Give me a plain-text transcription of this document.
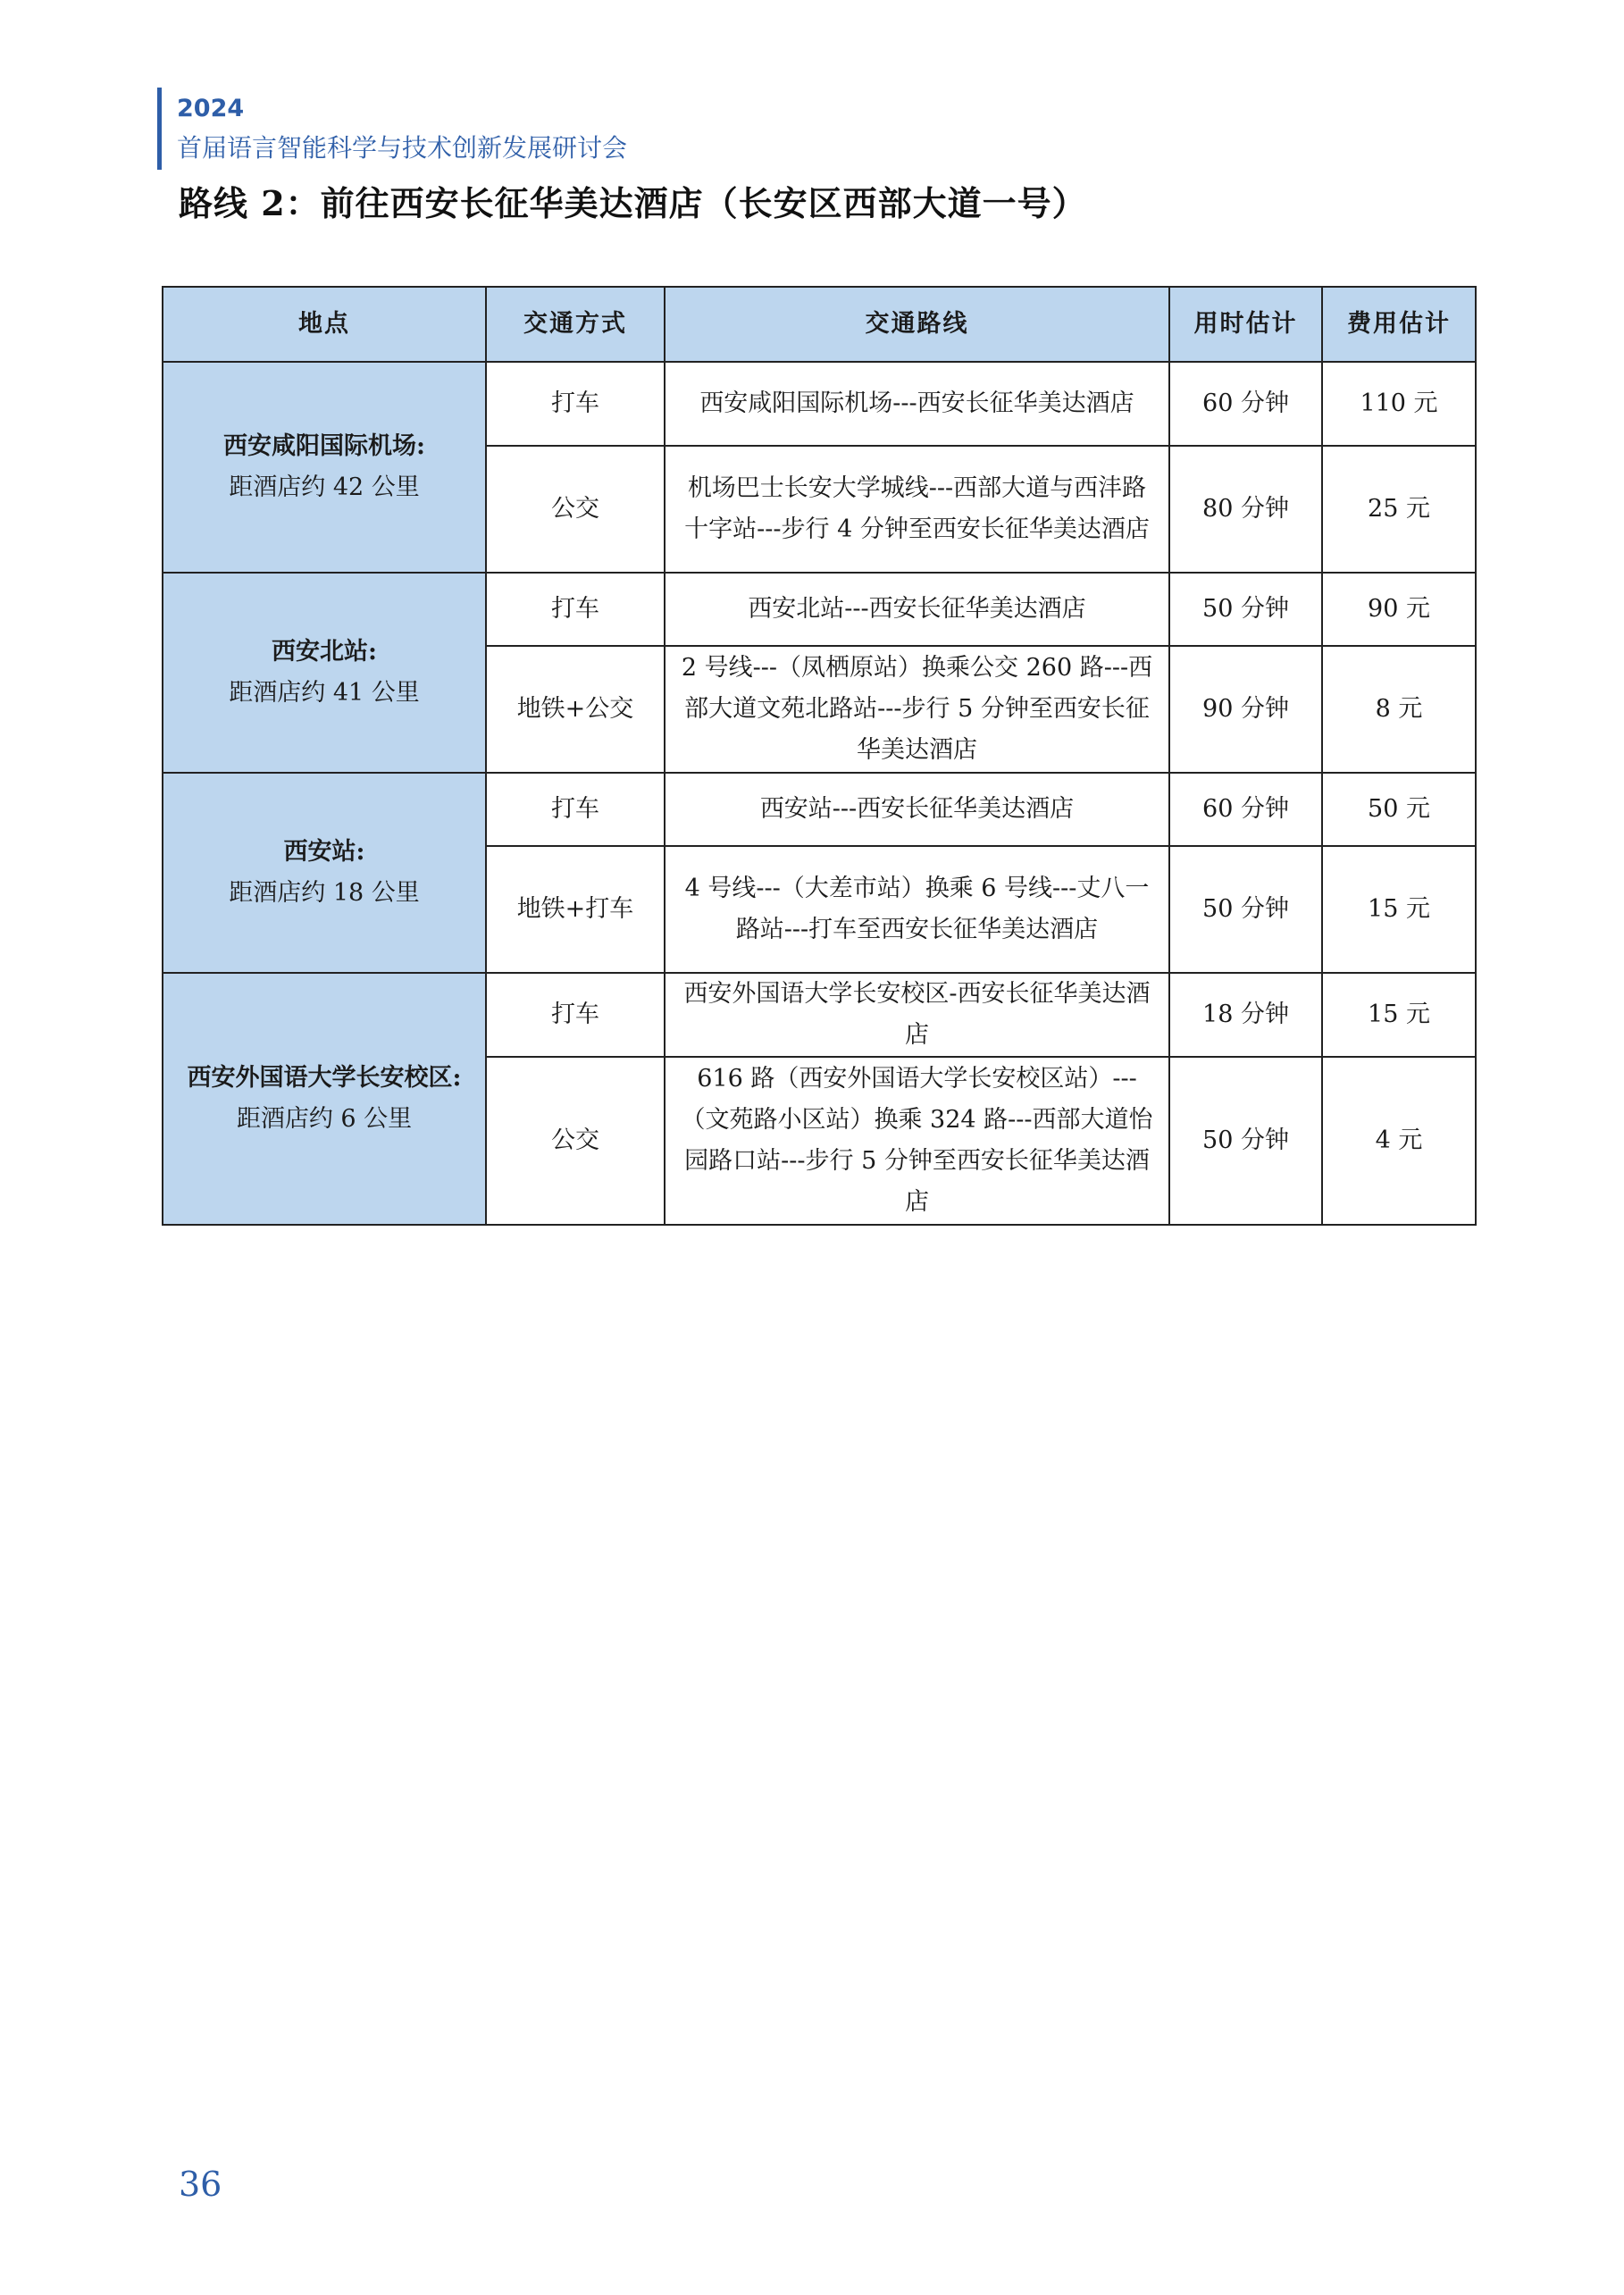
2024
首届语言智能科学与技术创新发展研讨会
路线 2：前往西安长征华美达酒店（长安区西部大道一号）
地点	交通方式	交通路线	用时估计	费用估计

西安咸阳国际机场:
距酒店约 42 公里	打车	西安咸阳国际机场---西安长征华美达酒店	60 分钟	110 元
	公交	机场巴士长安大学城线---西部大道与西沣路十字站---步行 4 分钟至西安长征华美达酒店	80 分钟	25 元

西安北站:
距酒店约 41 公里	打车	西安北站---西安长征华美达酒店	50 分钟	90 元
	地铁+公交	2 号线---（凤栖原站）换乘公交 260 路---西部大道文苑北路站---步行 5 分钟至西安长征华美达酒店	90 分钟	8 元

西安站:
距酒店约 18 公里	打车	西安站---西安长征华美达酒店	60 分钟	50 元
	地铁+打车	4 号线---（大差市站）换乘 6 号线---丈八一路站---打车至西安长征华美达酒店	50 分钟	15 元

西安外国语大学长安校区:
距酒店约 6 公里	打车	西安外国语大学长安校区-西安长征华美达酒店	18 分钟	15 元
	公交	616 路（西安外国语大学长安校区站）---（文苑路小区站）换乘 324 路---西部大道怡园路口站---步行 5 分钟至西安长征华美达酒店	50 分钟	4 元
36
